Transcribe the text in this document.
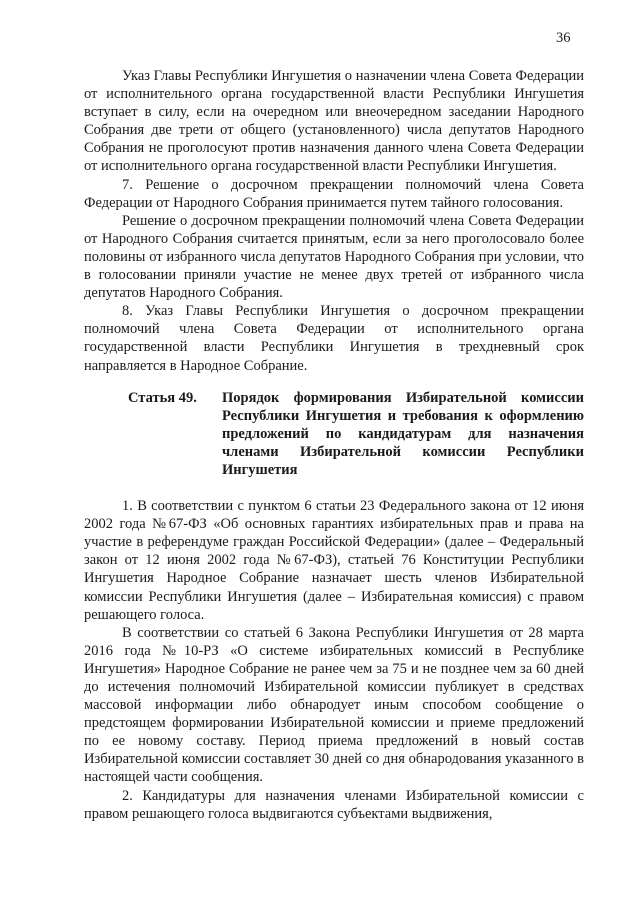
36

Указ Главы Республики Ингушетия о назначении члена Совета Федерации от исполнительного органа государственной власти Республики Ингушетия вступает в силу, если на очередном или внеочередном заседании Народного Собрания две трети от общего (установленного) числа депутатов Народного Собрания не проголосуют против назначения данного члена Совета Федерации от исполнительного органа государственной власти Республики Ингушетия.

7. Решение о досрочном прекращении полномочий члена Совета Федерации от Народного Собрания принимается путем тайного голосования.

Решение о досрочном прекращении полномочий члена Совета Федерации от Народного Собрания считается принятым, если за него проголосовало более половины от избранного числа депутатов Народного Собрания при условии, что в голосовании приняли участие не менее двух третей от избранного числа депутатов Народного Собрания.

8. Указ Главы Республики Ингушетия о досрочном прекращении полномочий члена Совета Федерации от исполнительного органа государственной власти Республики Ингушетия в трехдневный срок направляется в Народное Собрание.

Статья 49.	Порядок формирования Избирательной комиссии Республики Ингушетия и требования к оформлению предложений по кандидатурам для назначения членами Избирательной комиссии Республики Ингушетия

1. В соответствии с пунктом 6 статьи 23 Федерального закона от 12 июня 2002 года №67-ФЗ «Об основных гарантиях избирательных прав и права на участие в референдуме граждан Российской Федерации» (далее – Федеральный закон от 12 июня 2002 года №67-ФЗ), статьей 76 Конституции Республики Ингушетия Народное Собрание назначает шесть членов Избирательной комиссии Республики Ингушетия (далее – Избирательная комиссия) с правом решающего голоса.

В соответствии со статьей 6 Закона Республики Ингушетия от 28 марта 2016 года №10-РЗ «О системе избирательных комиссий в Республике Ингушетия» Народное Собрание не ранее чем за 75 и не позднее чем за 60 дней до истечения полномочий Избирательной комиссии публикует в средствах массовой информации либо обнародует иным способом сообщение о предстоящем формировании Избирательной комиссии и приеме предложений по ее новому составу. Период приема предложений в новый состав Избирательной комиссии составляет 30 дней со дня обнародования указанного в настоящей части сообщения.

2. Кандидатуры для назначения членами Избирательной комиссии с правом решающего голоса выдвигаются субъектами выдвижения,
